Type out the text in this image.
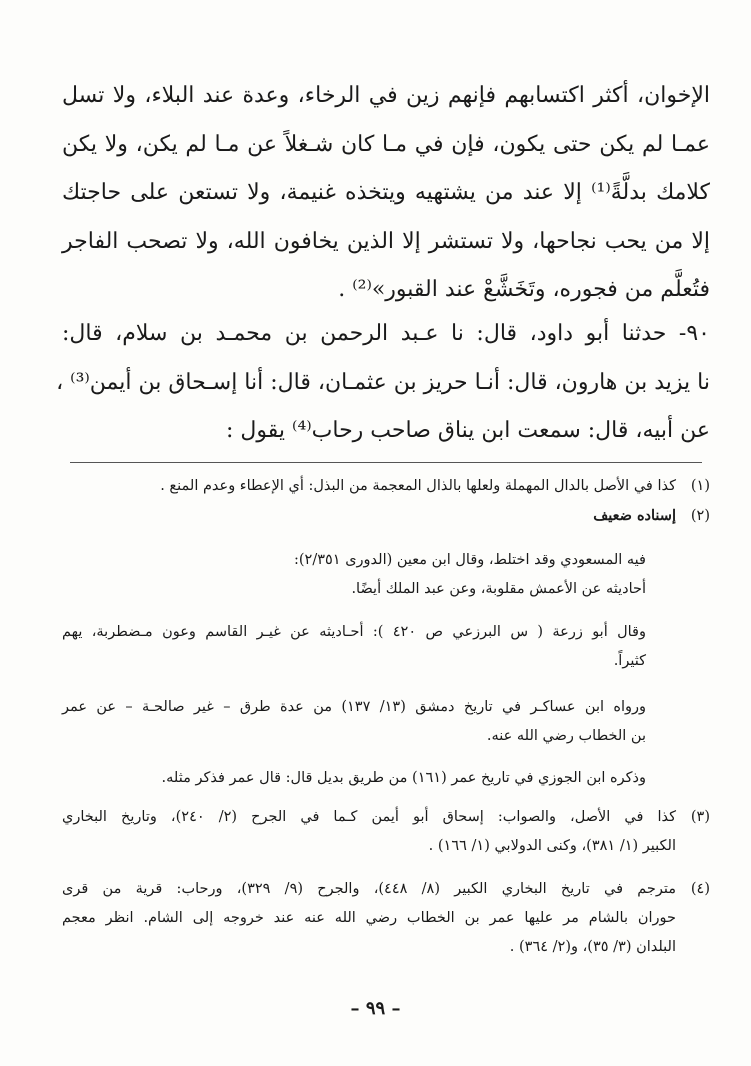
الإخوان، أكثر اكتسابهم فإنهم زين في الرخاء، وعدة عند البلاء، ولا تسل
عمـا لم يكن حتى يكون، فإن في مـا كان شـغلاً عن مـا لم يكن، ولا يكن
كلامك بدلَّةً⁽¹⁾ إلا عند من يشتهيه ويتخذه غنيمة، ولا تستعن على حاجتك
إلا من يحب نجاحها، ولا تستشر إلا الذين يخافون الله، ولا تصحب الفاجر
فتُعلَّم من فجوره، وتَخَشَّعْ عند القبور»⁽²⁾ .
٩٠- حدثنا أبو داود، قال: نا عـبد الرحمن بن محمـد بن سلام، قال:
نا يزيد بن هارون، قال: أنـا حريز بن عثمـان، قال: أنا إسـحاق بن أيمن⁽³⁾ ،
عن أبيه، قال: سمعت ابن يناق صاحب رحاب⁽⁴⁾ يقول :
(١)كذا في الأصل بالدال المهملة ولعلها بالذال المعجمة من البذل: أي الإعطاء وعدم المنع .
(٢)إسناده ضعيف
فيه المسعودي وقد اختلط، وقال ابن معين (الدورى ٢/٣٥١):
أحاديثه عن الأعمش مقلوبة، وعن عبد الملك أيضًا.
وقال أبو زرعة ( س البرزعي ص ٤٢٠ ): أحـاديثه عن غيـر القاسم وعون مـضطربة، يهم
كثيراً.
ورواه ابن عساكـر في تاريخ دمشق (١٣/ ١٣٧) من عدة طرق – غير صالحـة – عن عمر
بن الخطاب رضي الله عنه.
وذكره ابن الجوزي في تاريخ عمر (١٦١) من طريق بديل قال: قال عمر فذكر مثله.
(٣)كذا في الأصل، والصواب: إسحاق أبو أيمن كـما في الجرح (٢/ ٢٤٠)، وتاريخ البخاري
الكبير (١/ ٣٨١)، وكنى الدولابي (١/ ١٦٦) .
(٤)مترجم في تاريخ البخاري الكبير (٨/ ٤٤٨)، والجرح (٩/ ٣٢٩)، ورحاب: قرية من قرى
حوران بالشام مر عليها عمر بن الخطاب رضي الله عنه عند خروجه إلى الشام. انظر معجم
البلدان (٣/ ٣٥)، و(٢/ ٣٦٤) .
– ٩٩ –
